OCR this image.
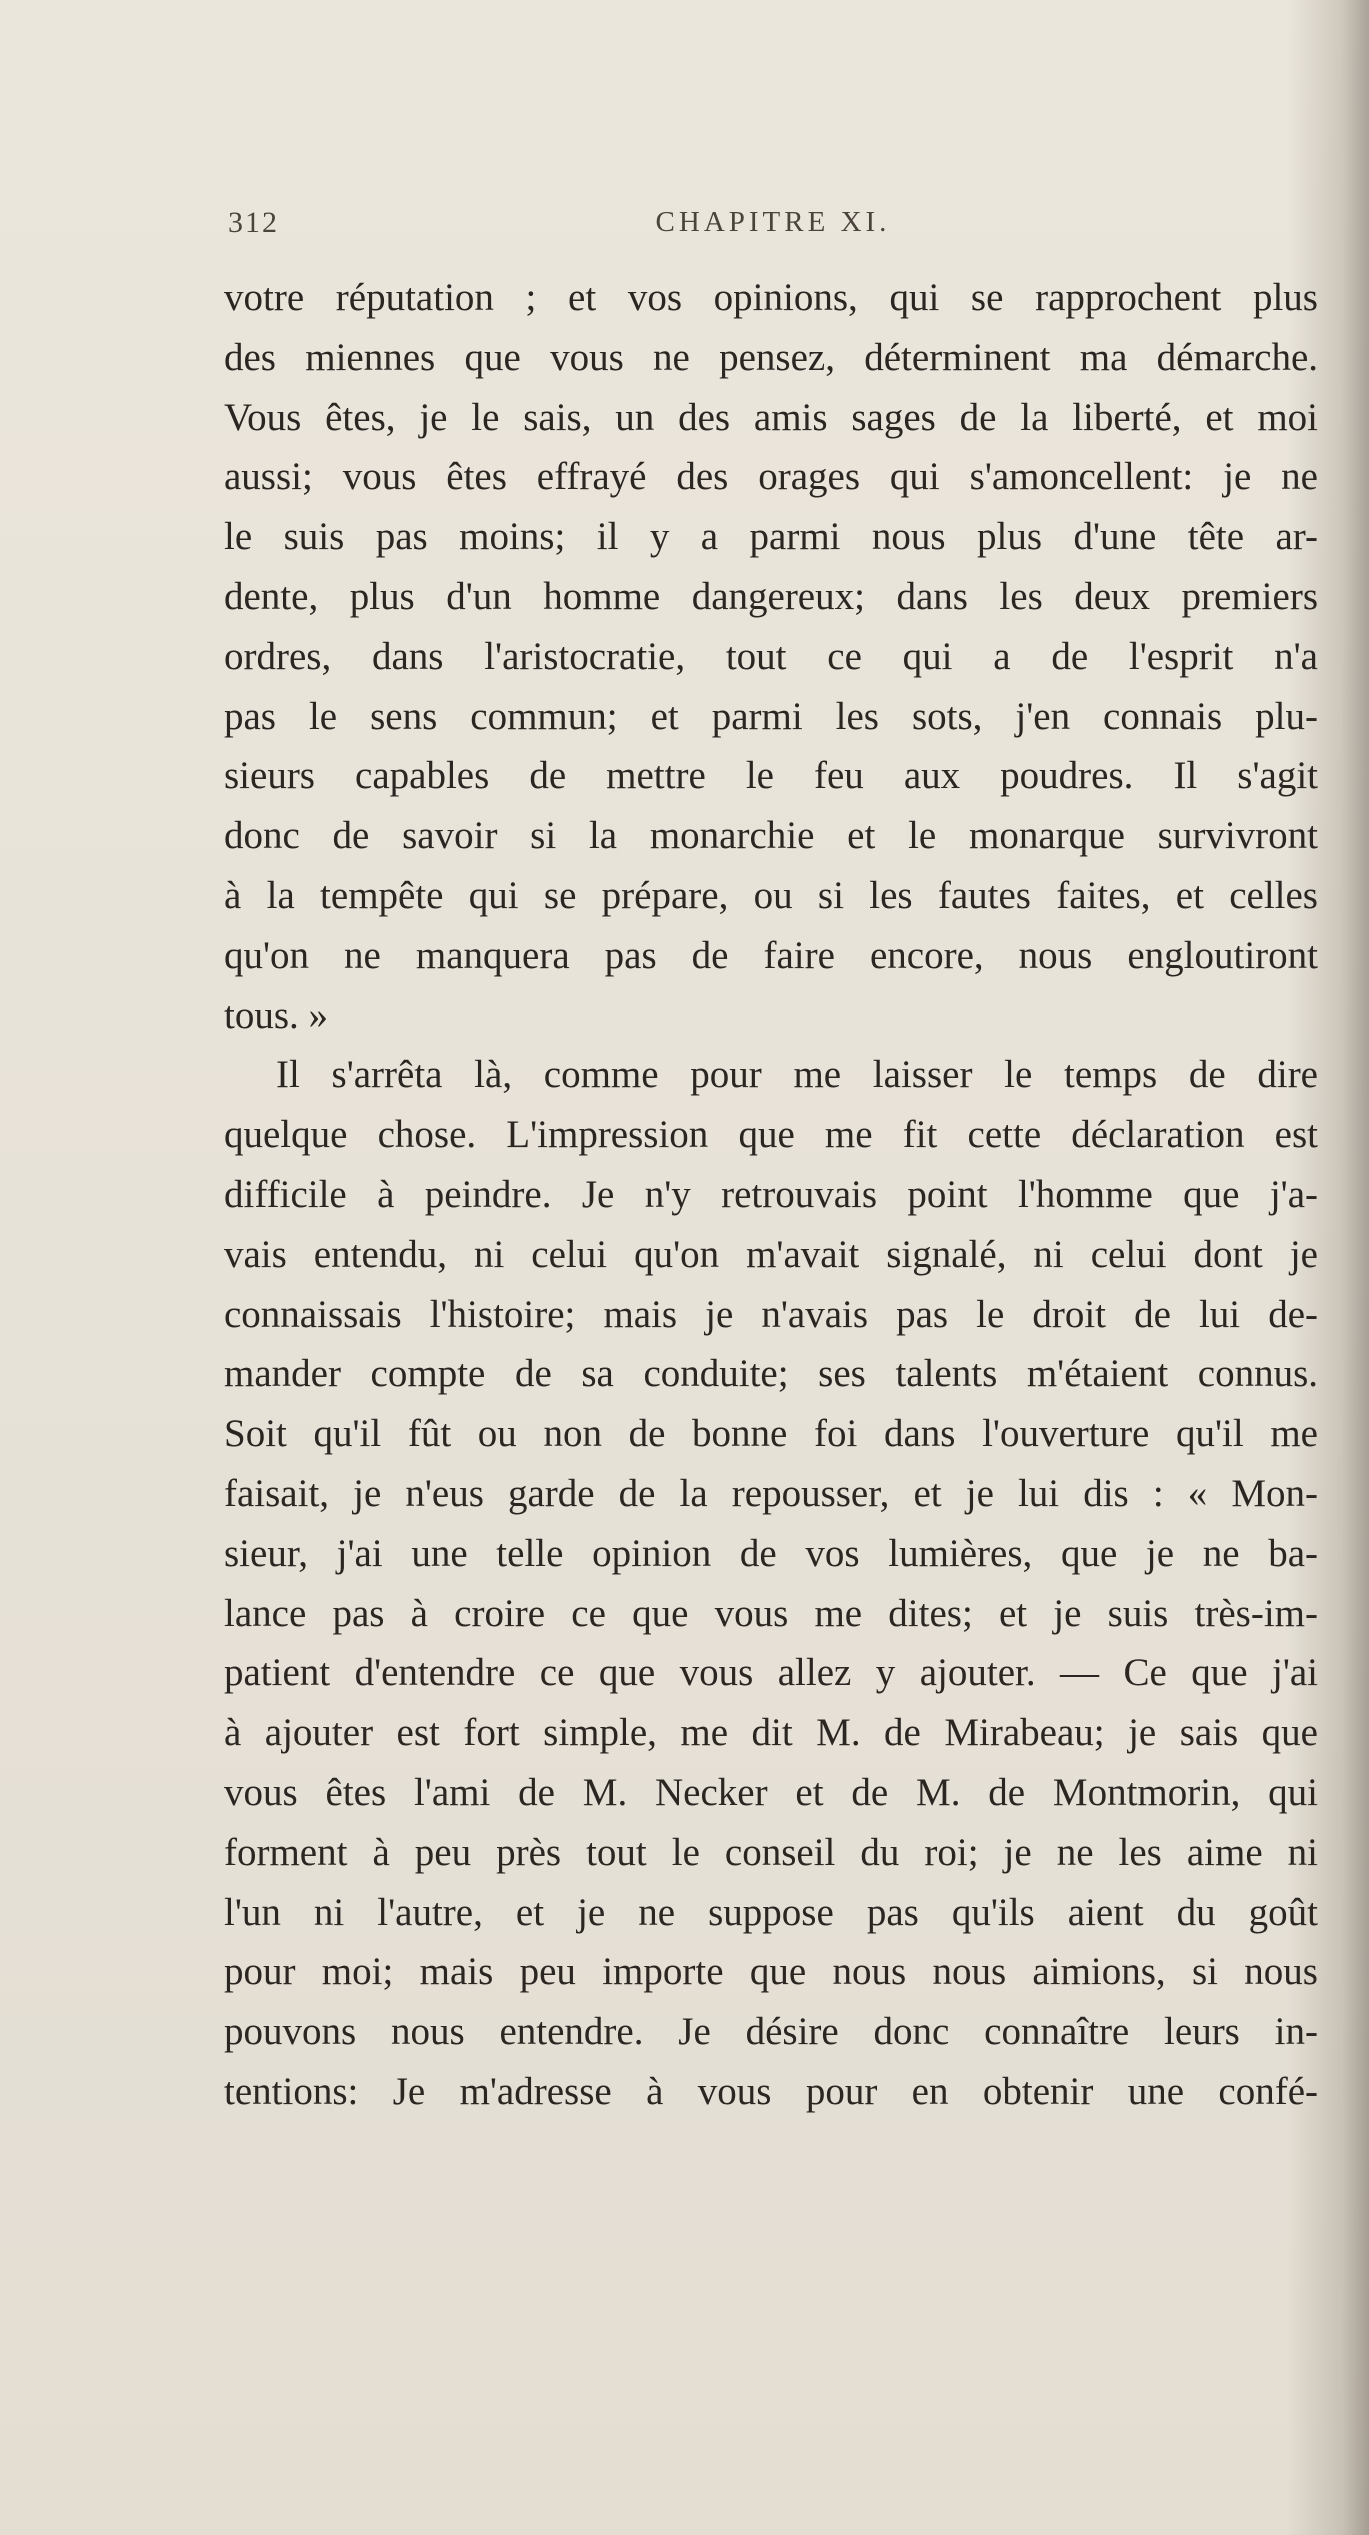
312	CHAPITRE XI.
votre réputation ; et vos opinions, qui se rapprochent plus
des miennes que vous ne pensez, déterminent ma démarche.
Vous êtes, je le sais, un des amis sages de la liberté, et moi
aussi; vous êtes effrayé des orages qui s'amoncellent: je ne
le suis pas moins; il y a parmi nous plus d'une tête ar-
dente, plus d'un homme dangereux; dans les deux premiers
ordres, dans l'aristocratie, tout ce qui a de l'esprit n'a
pas le sens commun; et parmi les sots, j'en connais plu-
sieurs capables de mettre le feu aux poudres. Il s'agit
donc de savoir si la monarchie et le monarque survivront
à la tempête qui se prépare, ou si les fautes faites, et celles
qu'on ne manquera pas de faire encore, nous engloutiront
tous. »
Il s'arrêta là, comme pour me laisser le temps de dire
quelque chose. L'impression que me fit cette déclaration est
difficile à peindre. Je n'y retrouvais point l'homme que j'a-
vais entendu, ni celui qu'on m'avait signalé, ni celui dont je
connaissais l'histoire; mais je n'avais pas le droit de lui de-
mander compte de sa conduite; ses talents m'étaient connus.
Soit qu'il fût ou non de bonne foi dans l'ouverture qu'il me
faisait, je n'eus garde de la repousser, et je lui dis : « Mon-
sieur, j'ai une telle opinion de vos lumières, que je ne ba-
lance pas à croire ce que vous me dites; et je suis très-im-
patient d'entendre ce que vous allez y ajouter. — Ce que j'ai
à ajouter est fort simple, me dit M. de Mirabeau; je sais que
vous êtes l'ami de M. Necker et de M. de Montmorin, qui
forment à peu près tout le conseil du roi; je ne les aime ni
l'un ni l'autre, et je ne suppose pas qu'ils aient du goût
pour moi; mais peu importe que nous nous aimions, si nous
pouvons nous entendre. Je désire donc connaître leurs in-
tentions: Je m'adresse à vous pour en obtenir une confé-
